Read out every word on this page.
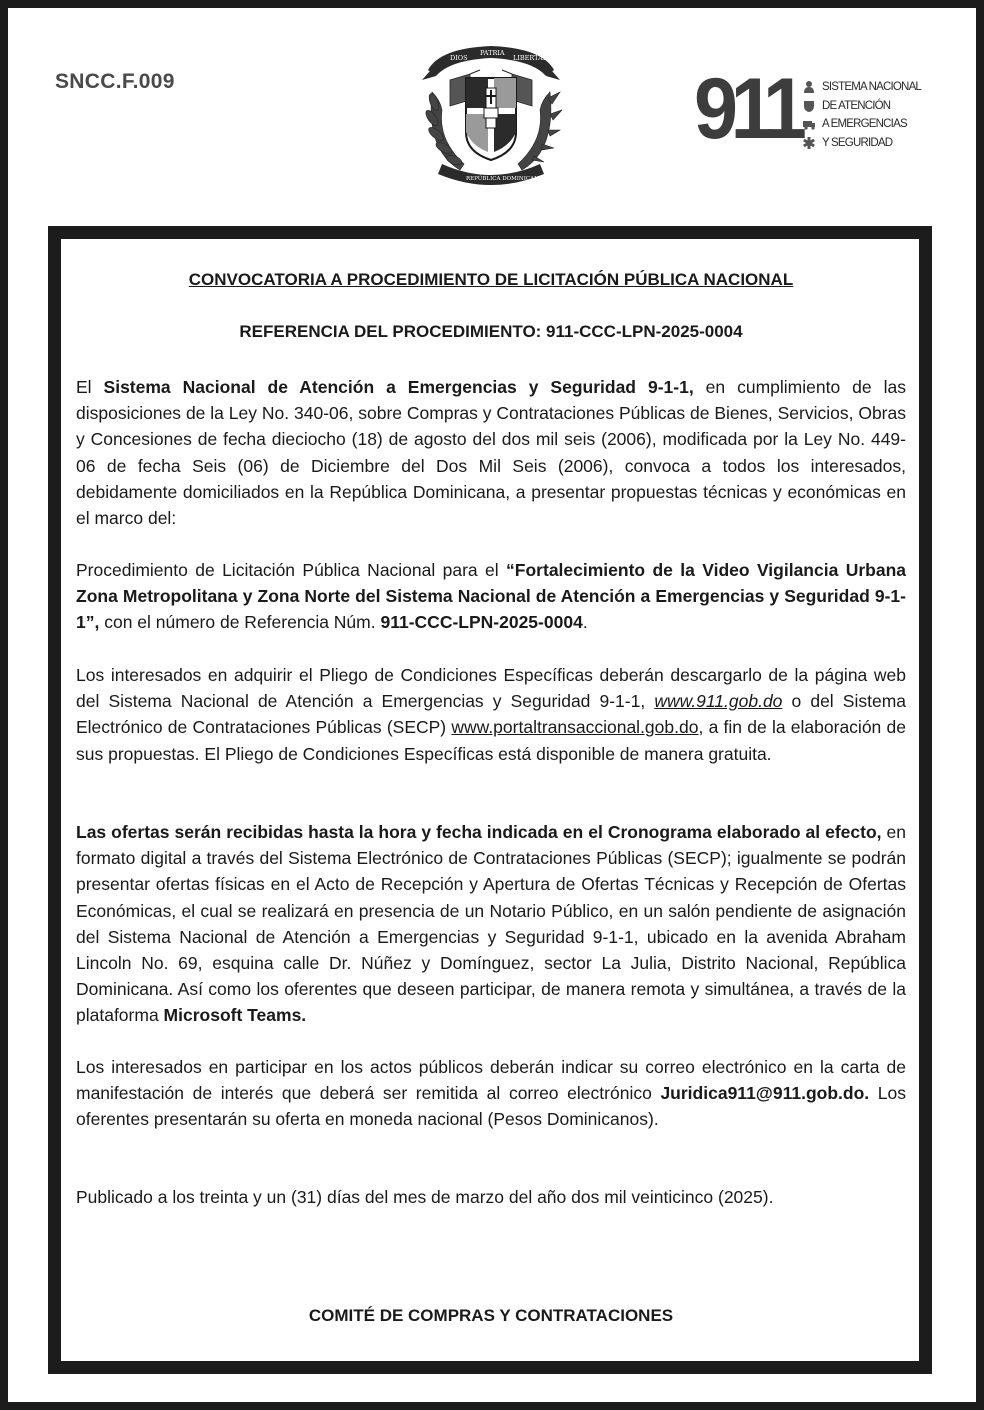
SNCC.F.009
DIOS
PATRIA
LIBERTAD
REPÚBLICA DOMINICANA
911 SISTEMA NACIONAL
DE ATENCIÓN
A EMERGENCIAS
Y SEGURIDAD
CONVOCATORIA A PROCEDIMIENTO DE LICITACIÓN PÚBLICA NACIONAL
REFERENCIA DEL PROCEDIMIENTO: 911-CCC-LPN-2025-0004
El Sistema Nacional de Atención a Emergencias y Seguridad 9-1-1, en cumplimiento de las disposiciones de la Ley No. 340-06, sobre Compras y Contrataciones Públicas de Bienes, Servicios, Obras y Concesiones de fecha dieciocho (18) de agosto del dos mil seis (2006), modificada por la Ley No. 449-06 de fecha Seis (06) de Diciembre del Dos Mil Seis (2006), convoca a todos los interesados, debidamente domiciliados en la República Dominicana, a presentar propuestas técnicas y económicas en el marco del:
Procedimiento de Licitación Pública Nacional para el “Fortalecimiento de la Video Vigilancia Urbana Zona Metropolitana y Zona Norte del Sistema Nacional de Atención a Emergencias y Seguridad 9-1-1”, con el número de Referencia Núm. 911-CCC-LPN-2025-0004.
Los interesados en adquirir el Pliego de Condiciones Específicas deberán descargarlo de la página web del Sistema Nacional de Atención a Emergencias y Seguridad 9-1-1, www.911.gob.do o del Sistema Electrónico de Contrataciones Públicas (SECP) www.portaltransaccional.gob.do, a fin de la elaboración de sus propuestas. El Pliego de Condiciones Específicas está disponible de manera gratuita.
Las ofertas serán recibidas hasta la hora y fecha indicada en el Cronograma elaborado al efecto, en formato digital a través del Sistema Electrónico de Contrataciones Públicas (SECP); igualmente se podrán presentar ofertas físicas en el Acto de Recepción y Apertura de Ofertas Técnicas y Recepción de Ofertas Económicas, el cual se realizará en presencia de un Notario Público, en un salón pendiente de asignación del Sistema Nacional de Atención a Emergencias y Seguridad 9-1-1, ubicado en la avenida Abraham Lincoln No. 69, esquina calle Dr. Núñez y Domínguez, sector La Julia, Distrito Nacional, República Dominicana. Así como los oferentes que deseen participar, de manera remota y simultánea, a través de la plataforma Microsoft Teams.
Los interesados en participar en los actos públicos deberán indicar su correo electrónico en la carta de manifestación de interés que deberá ser remitida al correo electrónico Juridica911@911.gob.do. Los oferentes presentarán su oferta en moneda nacional (Pesos Dominicanos).
Publicado a los treinta y un (31) días del mes de marzo del año dos mil veinticinco (2025).
COMITÉ DE COMPRAS Y CONTRATACIONES
